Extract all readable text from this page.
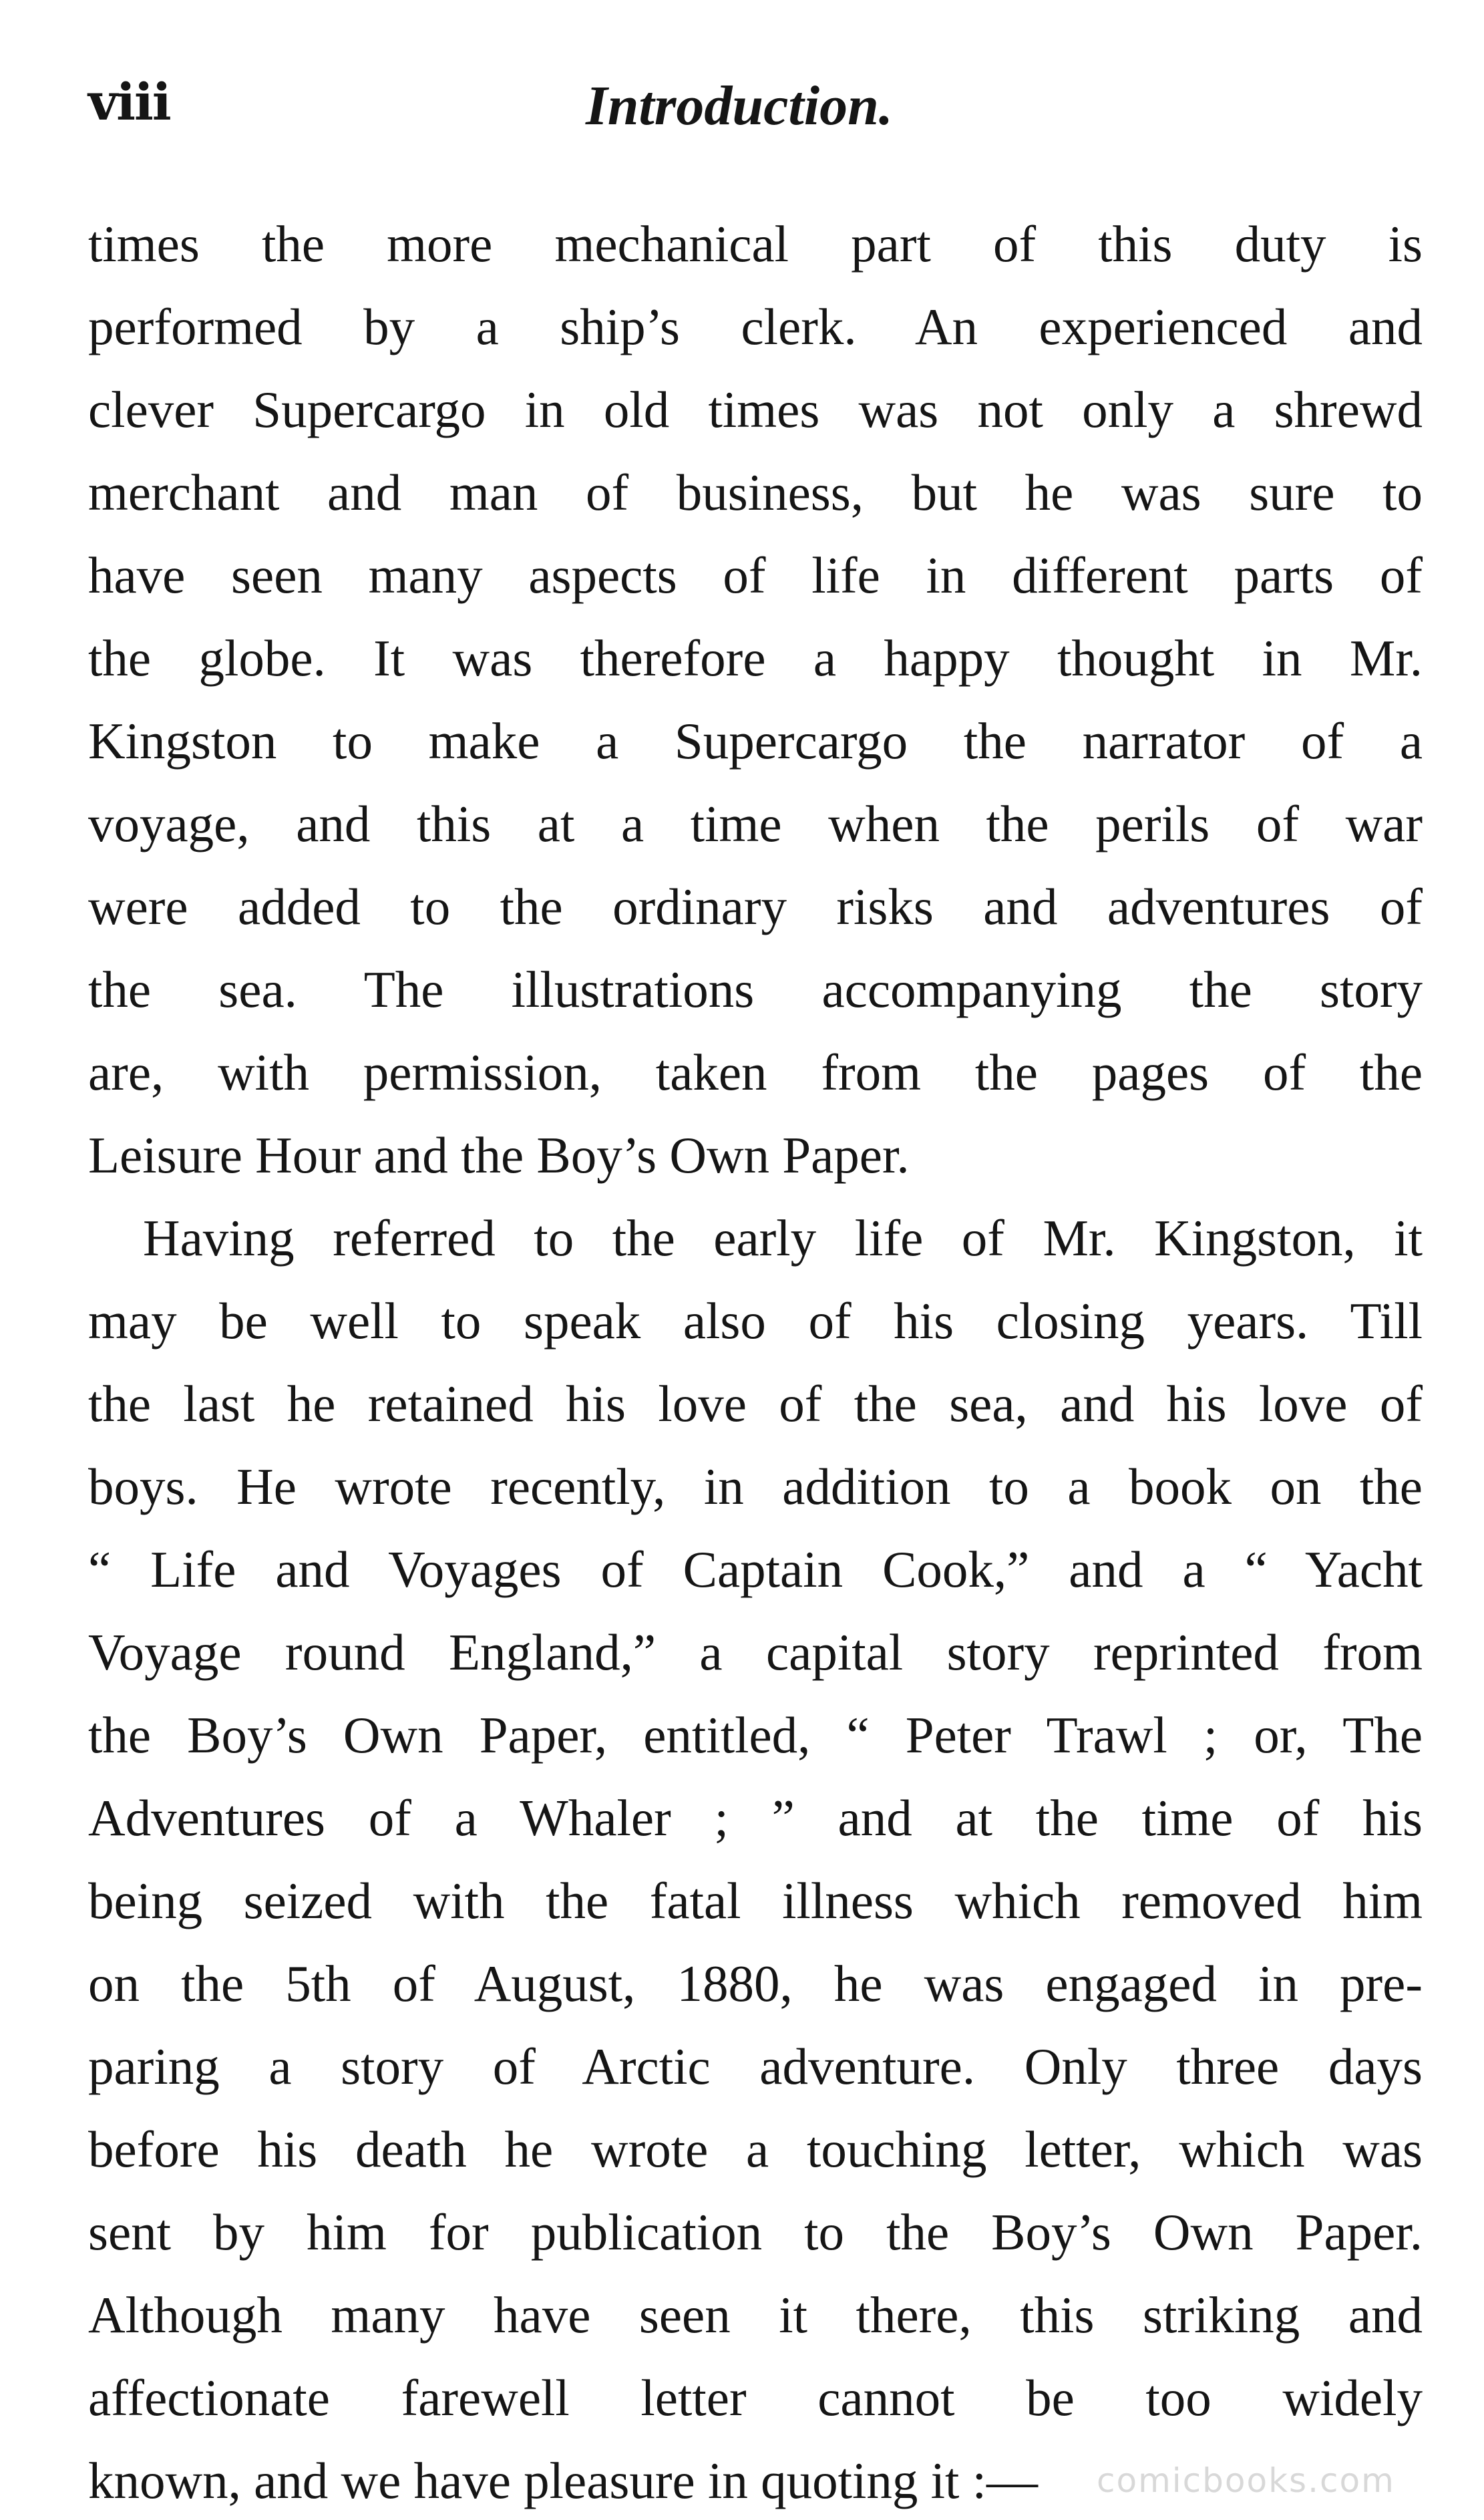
viii	Introduction.
times the more mechanical part of this duty is
performed by a ship’s clerk. An experienced and
clever Supercargo in old times was not only a shrewd
merchant and man of business, but he was sure to
have seen many aspects of life in different parts of
the globe. It was therefore a happy thought in Mr.
Kingston to make a Supercargo the narrator of a
voyage, and this at a time when the perils of war
were added to the ordinary risks and adventures of
the sea. The illustrations accompanying the story
are, with permission, taken from the pages of the
Leisure Hour and the Boy’s Own Paper.
Having referred to the early life of Mr. Kingston, it
may be well to speak also of his closing years. Till
the last he retained his love of the sea, and his love of
boys. He wrote recently, in addition to a book on the
“ Life and Voyages of Captain Cook,” and a “ Yacht
Voyage round England,” a capital story reprinted from
the Boy’s Own Paper, entitled, “ Peter Trawl ; or, The
Adventures of a Whaler ; ” and at the time of his
being seized with the fatal illness which removed him
on the 5th of August, 1880, he was engaged in pre-
paring a story of Arctic adventure. Only three days
before his death he wrote a touching letter, which was
sent by him for publication to the Boy’s Own Paper.
Although many have seen it there, this striking and
affectionate farewell letter cannot be too widely
known, and we have pleasure in quoting it :—	comicbooks.com
